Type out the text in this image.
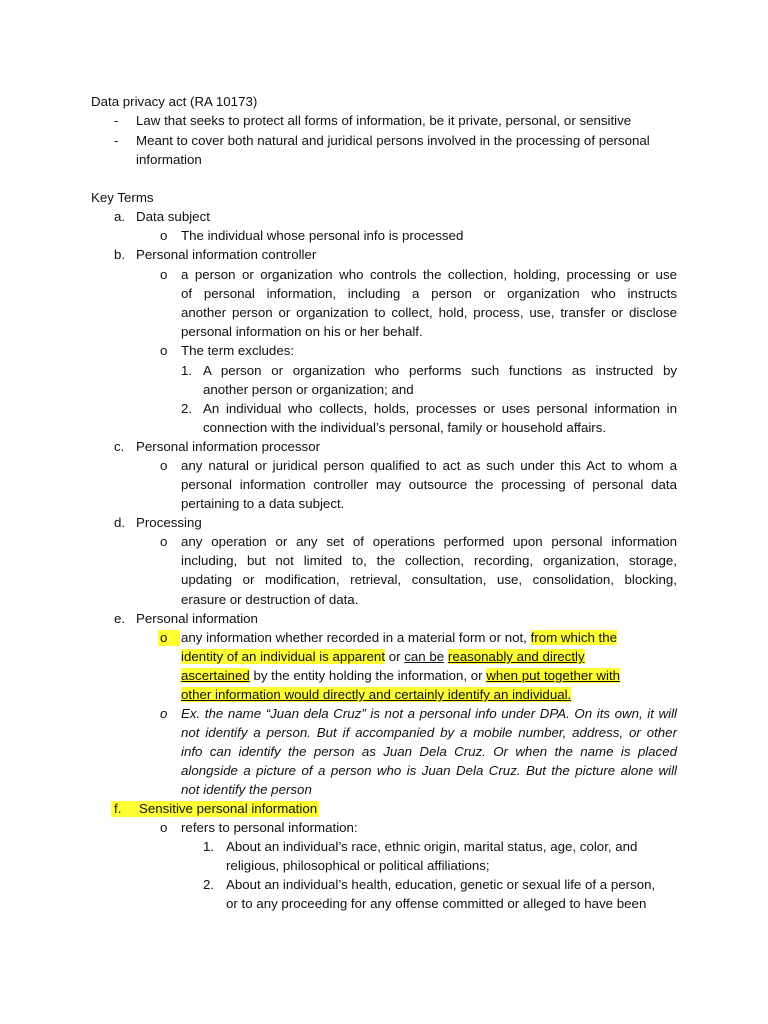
Data privacy act (RA 10173)
- Law that seeks to protect all forms of information, be it private, personal, or sensitive
- Meant to cover both natural and juridical persons involved in the processing of personal
information
Key Terms
a. Data subject
o The individual whose personal info is processed
b. Personal information controller
o a person or organization who controls the collection, holding, processing or use
of personal information, including a person or organization who instructs
another person or organization to collect, hold, process, use, transfer or disclose
personal information on his or her behalf.
o The term excludes:
1. A person or organization who performs such functions as instructed by
another person or organization; and
2. An individual who collects, holds, processes or uses personal information in
connection with the individual’s personal, family or household affairs.
c. Personal information processor
o any natural or juridical person qualified to act as such under this Act to whom a
personal information controller may outsource the processing of personal data
pertaining to a data subject.
d. Processing
o any operation or any set of operations performed upon personal information
including, but not limited to, the collection, recording, organization, storage,
updating or modification, retrieval, consultation, use, consolidation, blocking,
erasure or destruction of data.
e. Personal information
o	any information whether recorded in a material form or not, from which the
identity of an individual is apparent or can be reasonably and directly
ascertained by the entity holding the information, or when put together with
other information would directly and certainly identify an individual.
o Ex. the name “Juan dela Cruz” is not a personal info under DPA. On its own, it will
not identify a person. But if accompanied by a mobile number, address, or other
info can identify the person as Juan Dela Cruz. Or when the name is placed
alongside a picture of a person who is Juan Dela Cruz. But the picture alone will
not identify the person
f. Sensitive personal information
o refers to personal information:
1. About an individual’s race, ethnic origin, marital status, age, color, and
religious, philosophical or political affiliations;
2. About an individual’s health, education, genetic or sexual life of a person,
or to any proceeding for any offense committed or alleged to have been
